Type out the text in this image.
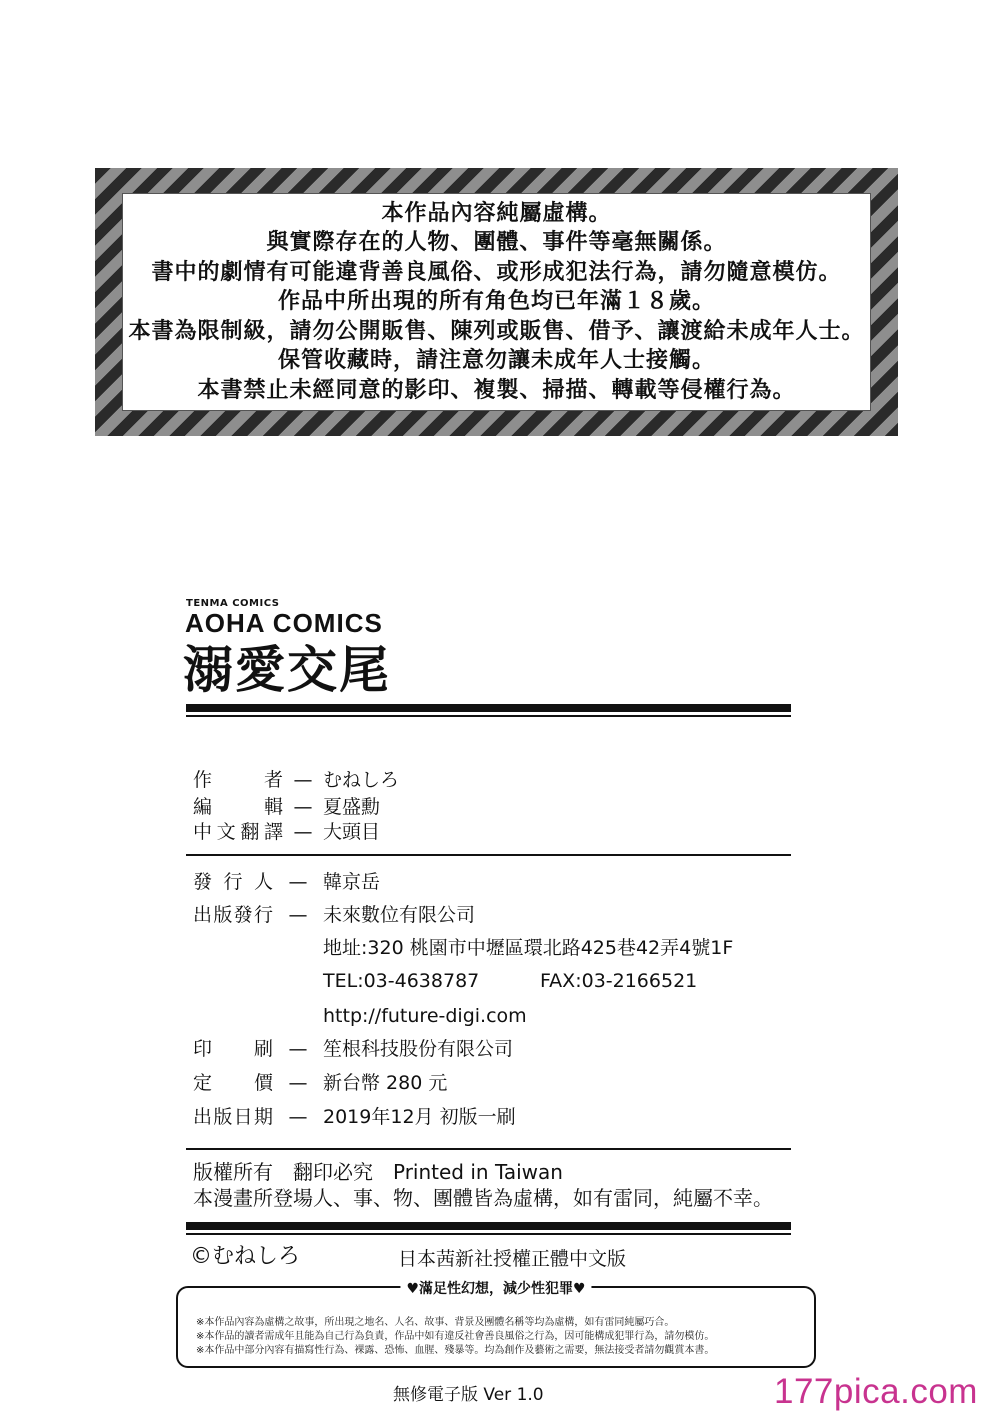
本作品內容純屬虛構。
與實際存在的人物、團體、事件等毫無關係。
書中的劇情有可能違背善良風俗、或形成犯法行為，請勿隨意模仿。
作品中所出現的所有角色均已年滿１８歲。
本書為限制級，請勿公開販售、陳列或販售、借予、讓渡給未成年人士。
保管收藏時，請注意勿讓未成年人士接觸。
本書禁止未經同意的影印、複製、掃描、轉載等侵權行為。
TENMA COMICS
AOHA COMICS
溺愛交尾
作　者 — むねしろ
編　輯 — 夏盛勳
中文翻譯 — 大頭目
發行人 — 韓京岳
出版發行 — 未來數位有限公司
地址:320 桃園市中壢區環北路425巷42弄4號1F
TEL:03-4638787	FAX:03-2166521
http://future-digi.com
印　刷 — 笙根科技股份有限公司
定　價 — 新台幣 280 元
出版日期 — 2019年12月 初版一刷
版權所有　翻印必究　Printed in Taiwan
本漫畫所登場人、事、物、團體皆為虛構，如有雷同，純屬不幸。
©むねしろ	日本茜新社授權正體中文版
♥滿足性幻想，減少性犯罪♥
※本作品內容為虛構之故事，所出現之地名、人名、故事、背景及團體名稱等均為虛構，如有雷同純屬巧合。
※本作品的讀者需成年且能為自己行為負責，作品中如有違反社會善良風俗之行為，因可能構成犯罪行為，請勿模仿。
※本作品中部分內容有描寫性行為、裸露、恐怖、血腥、殘暴等。均為創作及藝術之需要，無法接受者請勿觀賞本書。
無修電子版 Ver 1.0	177pica.com
